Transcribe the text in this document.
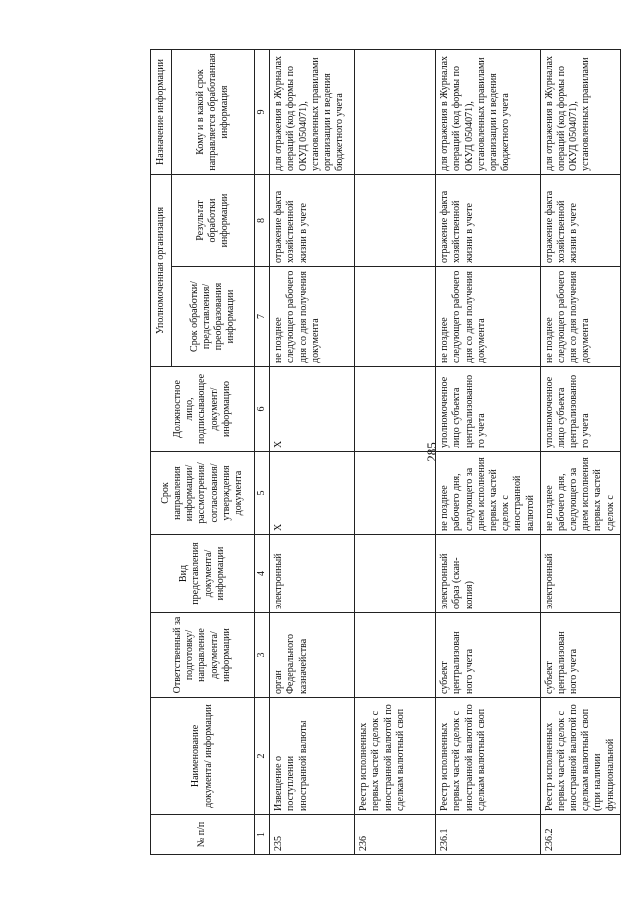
285
№ п/п	Наименование документа/ информации	Ответственный за подготовку/ направление документа/ информации	Вид представления документа/ информации	Срок направления информации/ рассмотрения/ согласования/ утверждения документа	Должностное лицо, подписывающее документ/ информацию	Уполномоченная организация		Назначение информации
						Срок обработки/ представления/ преобразования информации	Результат обработки информации	Кому и в какой срок направляется обработанная информация
1	2	3	4	5	6	7	8	9
235	Извещение о поступлении иностранной валюты	орган Федерального казначейства	электронный	Х	Х	не позднее следующего рабочего дня со дня получения документа	отражение факта хозяйственной жизни в учете	для отражения в Журналах операций (код формы по ОКУД 0504071), установленных правилами организации и ведения бюджетного учета
236	Реестр исполненных первых частей сделок с иностранной валютой по сделкам валютный своп							
236.1	Реестр исполненных первых частей сделок с иностранной валютой по сделкам валютный своп	субъект централизован ного учета	электронный образ (скан-копия)	не позднее рабочего дня, следующего за днем исполнения первых частей сделок с иностранной валютой	уполномоченное лицо субъекта централизованно го учета	не позднее следующего рабочего дня со дня получения документа	отражение факта хозяйственной жизни в учете	для отражения в Журналах операций (код формы по ОКУД 0504071), установленных правилами организации и ведения бюджетного учета
236.2	Реестр исполненных первых частей сделок с иностранной валютой по сделкам валютный своп (при наличии функциональной	субъект централизован ного учета	электронный	не позднее рабочего дня, следующего за днем исполнения первых частей сделок с	уполномоченное лицо субъекта централизованно го учета	не позднее следующего рабочего дня со дня получения документа	отражение факта хозяйственной жизни в учете	для отражения в Журналах операций (код формы по ОКУД 0504071), установленных правилами
